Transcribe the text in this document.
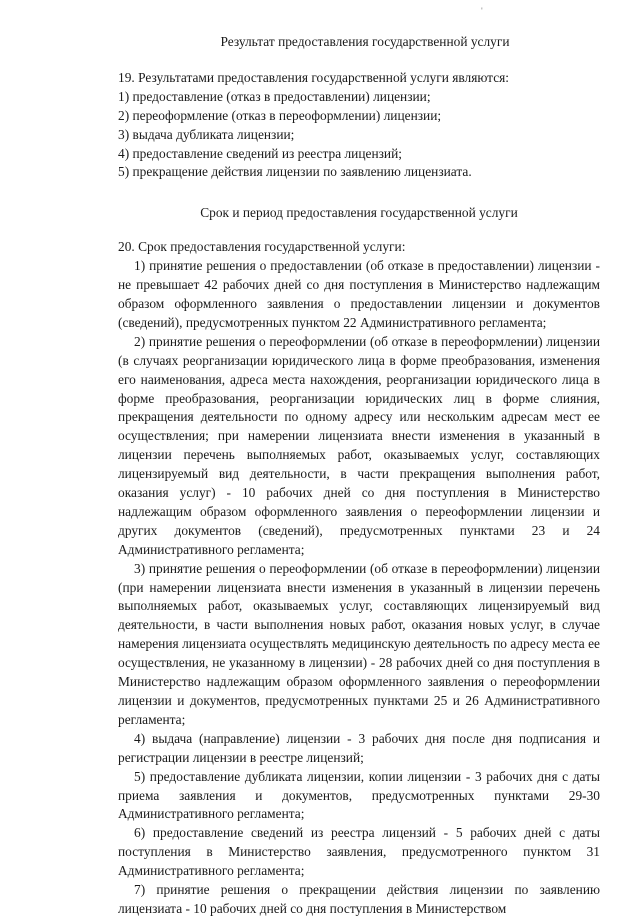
'

Результат предоставления государственной услуги

19. Результатами предоставления государственной услуги являются:

1) предоставление (отказ в предоставлении) лицензии;

2) переоформление (отказ в переоформлении) лицензии;

3) выдача дубликата лицензии;

4) предоставление сведений из реестра лицензий;

5) прекращение действия лицензии по заявлению лицензиата.

Срок и период предоставления государственной услуги

20. Срок предоставления государственной услуги:

1) принятие решения о предоставлении (об отказе в предоставлении) лицензии - не превышает 42 рабочих дней со дня поступления в Министерство надлежащим образом оформленного заявления о предоставлении лицензии и документов (сведений), предусмотренных пунктом 22 Административного регламента;

2) принятие решения о переоформлении (об отказе в переоформлении) лицензии (в случаях реорганизации юридического лица в форме преобразования, изменения его наименования, адреса места нахождения, реорганизации юридического лица в форме преобразования, реорганизации юридических лиц в форме слияния, прекращения деятельности по одному адресу или нескольким адресам мест ее осуществления; при намерении лицензиата внести изменения в указанный в лицензии перечень выполняемых работ, оказываемых услуг, составляющих лицензируемый вид деятельности, в части прекращения выполнения работ, оказания услуг) - 10 рабочих дней со дня поступления в Министерство надлежащим образом оформленного заявления о переоформлении лицензии и других документов (сведений), предусмотренных пунктами 23 и 24 Административного регламента;

3) принятие решения о переоформлении (об отказе в переоформлении) лицензии (при намерении лицензиата внести изменения в указанный в лицензии перечень выполняемых работ, оказываемых услуг, составляющих лицензируемый вид деятельности, в части выполнения новых работ, оказания новых услуг, в случае намерения лицензиата осуществлять медицинскую деятельность по адресу места ее осуществления, не указанному в лицензии) - 28 рабочих дней со дня поступления в Министерство надлежащим образом оформленного заявления о переоформлении лицензии и документов, предусмотренных пунктами 25 и 26 Административного регламента;

4) выдача (направление) лицензии - 3 рабочих дня после дня подписания и регистрации лицензии в реестре лицензий;

5) предоставление дубликата лицензии, копии лицензии - 3 рабочих дня с даты приема заявления и документов, предусмотренных пунктами 29-30 Административного регламента;

6) предоставление сведений из реестра лицензий - 5 рабочих дней с даты поступления в Министерство заявления, предусмотренного пунктом 31 Административного регламента;

7) принятие решения о прекращении действия лицензии по заявлению лицензиата - 10 рабочих дней со дня поступления в Министерством
